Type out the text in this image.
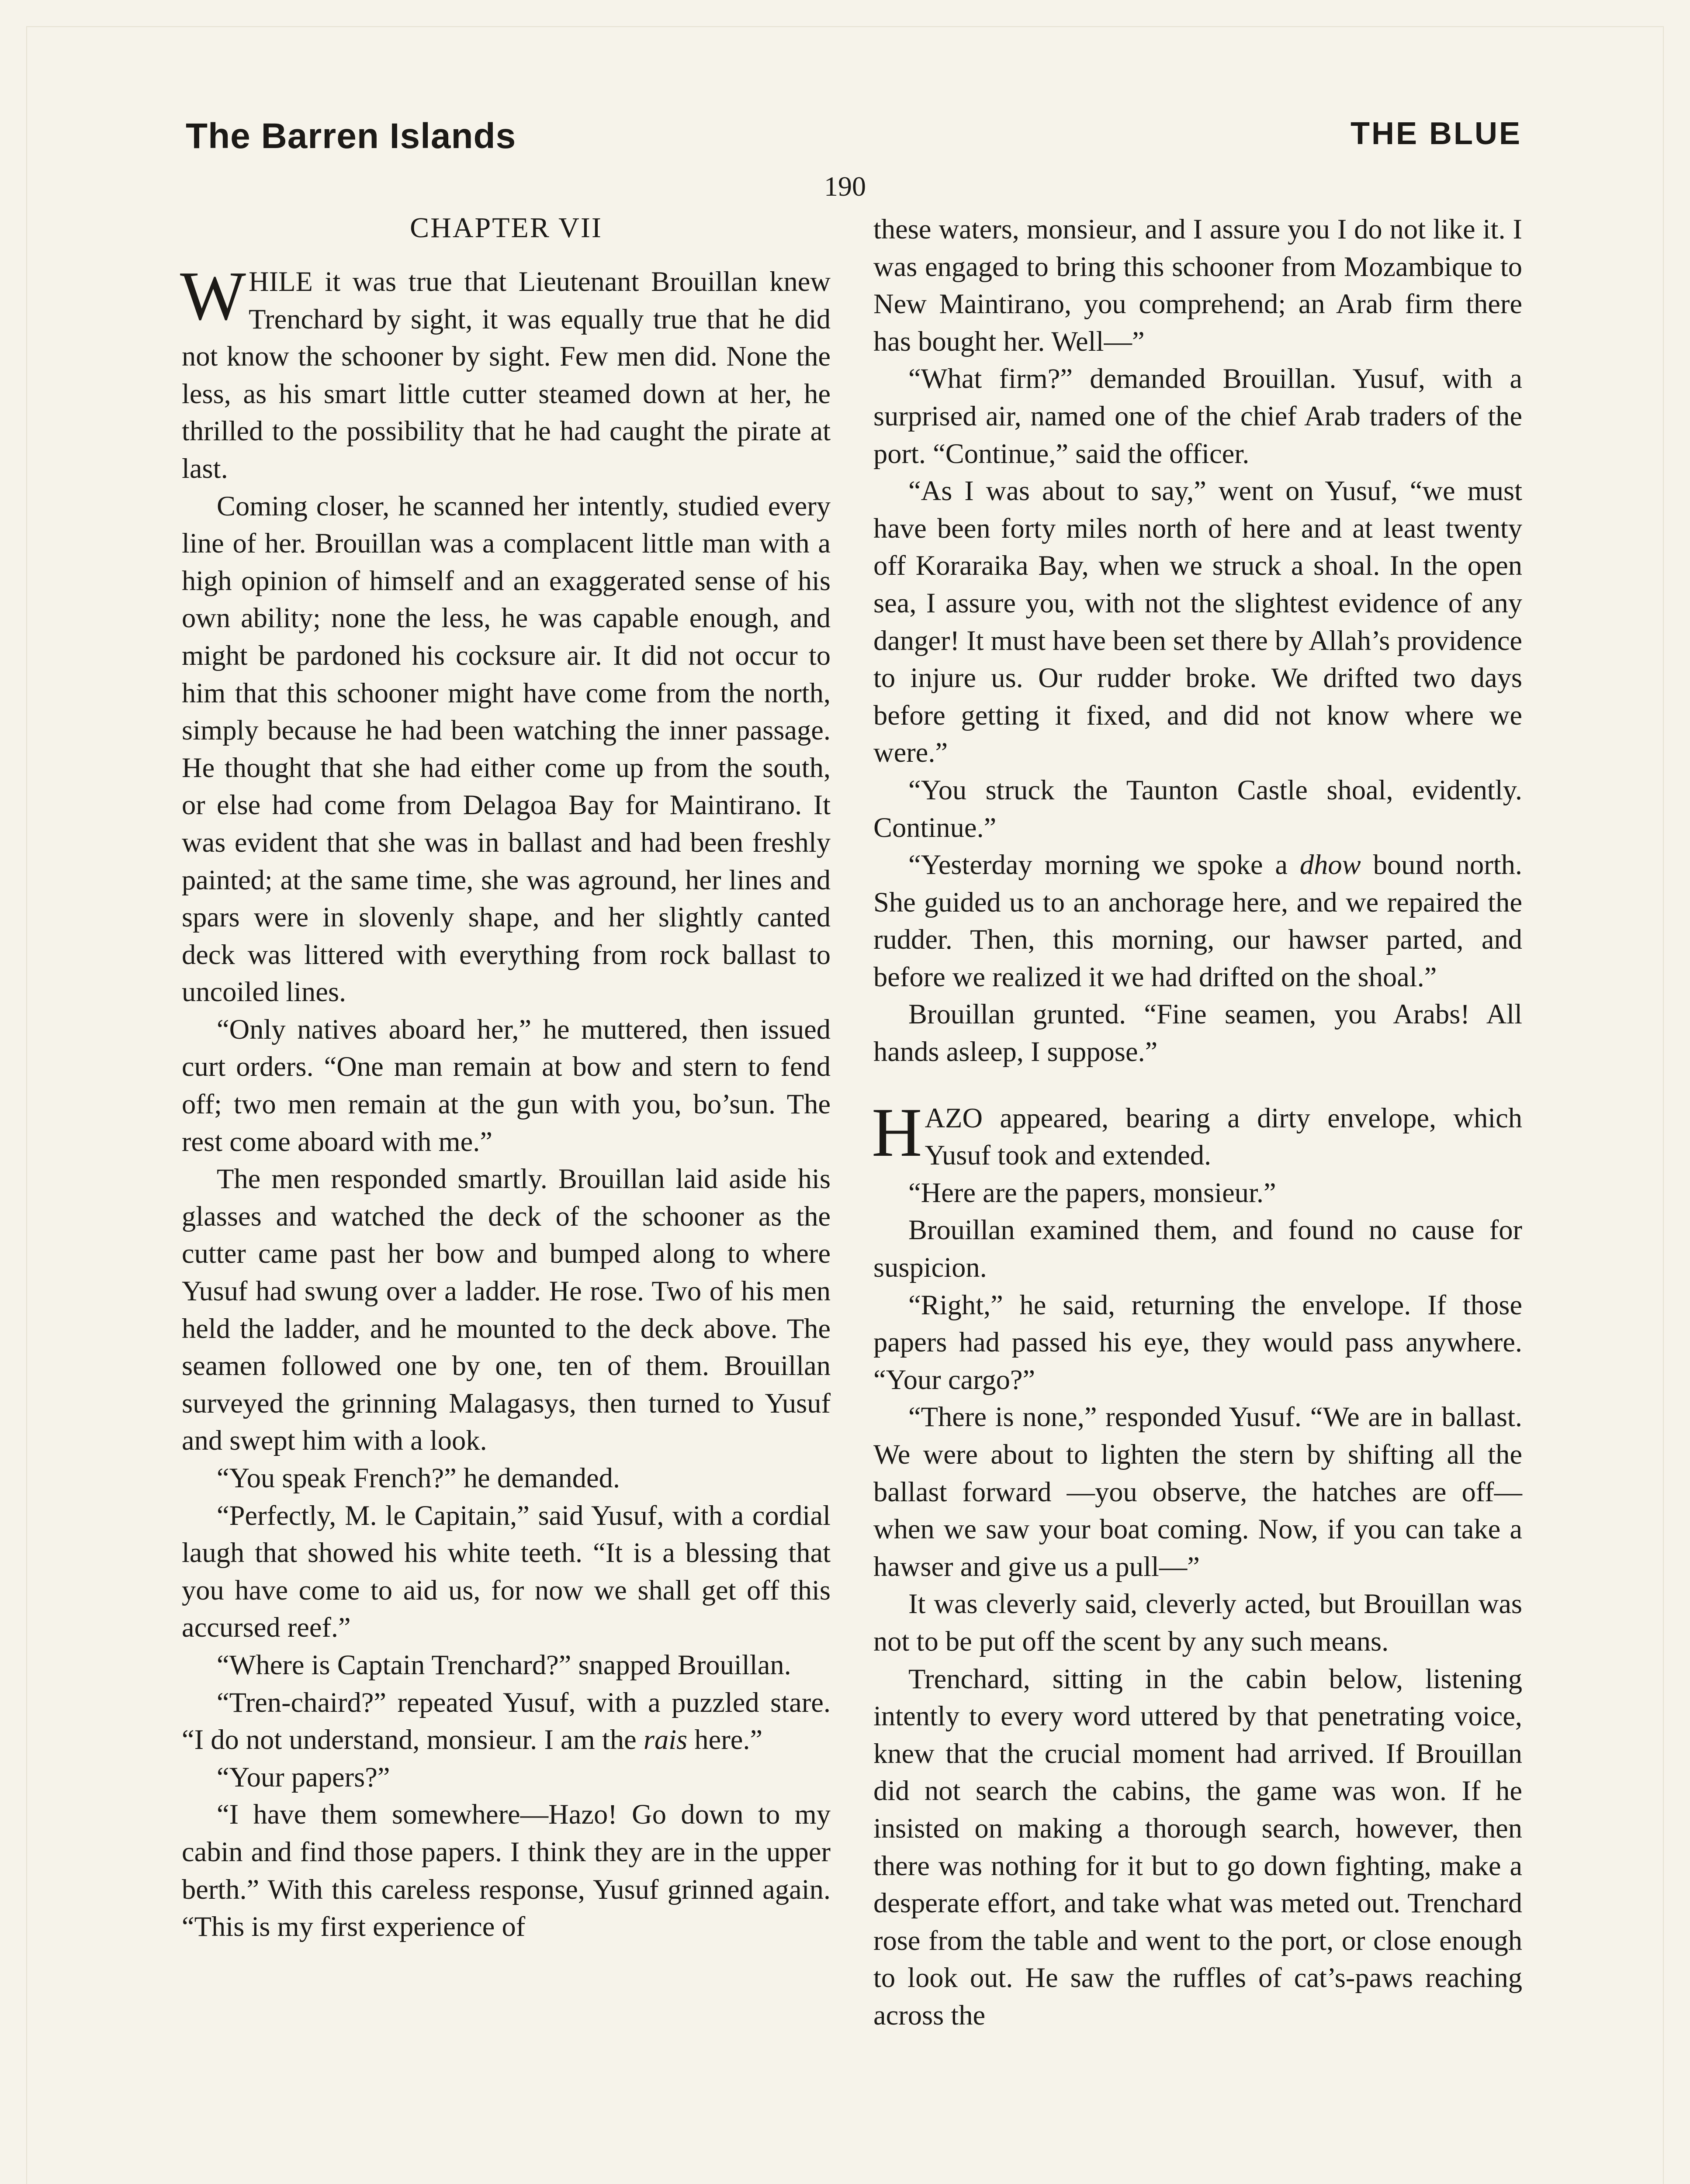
The Barren Islands	THE BLUE
190
CHAPTER VII

WHILE it was true that Lieutenant Brouillan knew Trenchard by sight, it was equally true that he did not know the schooner by sight. Few men did. None the less, as his smart little cutter steamed down at her, he thrilled to the possibility that he had caught the pirate at last.

Coming closer, he scanned her intently, studied every line of her. Brouillan was a complacent little man with a high opinion of himself and an exaggerated sense of his own ability; none the less, he was capable enough, and might be pardoned his cocksure air. It did not occur to him that this schooner might have come from the north, simply because he had been watching the inner passage. He thought that she had either come up from the south, or else had come from Delagoa Bay for Maintirano. It was evident that she was in ballast and had been freshly painted; at the same time, she was aground, her lines and spars were in slovenly shape, and her slightly canted deck was littered with everything from rock ballast to uncoiled lines.

“Only natives aboard her,” he muttered, then issued curt orders. “One man remain at bow and stern to fend off; two men remain at the gun with you, bo’sun. The rest come aboard with me.”

The men responded smartly. Brouillan laid aside his glasses and watched the deck of the schooner as the cutter came past her bow and bumped along to where Yusuf had swung over a ladder. He rose. Two of his men held the ladder, and he mounted to the deck above. The seamen followed one by one, ten of them. Brouillan surveyed the grinning Malagasys, then turned to Yusuf and swept him with a look.

“You speak French?” he demanded.

“Perfectly, M. le Capitain,” said Yusuf, with a cordial laugh that showed his white teeth. “It is a blessing that you have come to aid us, for now we shall get off this accursed reef.”

“Where is Captain Trenchard?” snapped Brouillan.

“Tren-chaird?” repeated Yusuf, with a puzzled stare. “I do not understand, monsieur. I am the rais here.”

“Your papers?”

“I have them somewhere—Hazo! Go down to my cabin and find those papers. I think they are in the upper berth.” With this careless response, Yusuf grinned again. “This is my first experience of

these waters, monsieur, and I assure you I do not like it. I was engaged to bring this schooner from Mozambique to New Maintirano, you comprehend; an Arab firm there has bought her. Well—”

“What firm?” demanded Brouillan. Yusuf, with a surprised air, named one of the chief Arab traders of the port. “Continue,” said the officer.

“As I was about to say,” went on Yusuf, “we must have been forty miles north of here and at least twenty off Koraraika Bay, when we struck a shoal. In the open sea, I assure you, with not the slightest evidence of any danger! It must have been set there by Allah’s providence to injure us. Our rudder broke. We drifted two days before getting it fixed, and did not know where we were.”

“You struck the Taunton Castle shoal, evidently. Continue.”

“Yesterday morning we spoke a dhow bound north. She guided us to an anchorage here, and we repaired the rudder. Then, this morning, our hawser parted, and before we realized it we had drifted on the shoal.”

Brouillan grunted. “Fine seamen, you Arabs! All hands asleep, I suppose.”

HAZO appeared, bearing a dirty envelope, which Yusuf took and extended.

“Here are the papers, monsieur.”

Brouillan examined them, and found no cause for suspicion.

“Right,” he said, returning the envelope. If those papers had passed his eye, they would pass anywhere. “Your cargo?”

“There is none,” responded Yusuf. “We are in ballast. We were about to lighten the stern by shifting all the ballast forward —you observe, the hatches are off—when we saw your boat coming. Now, if you can take a hawser and give us a pull—”

It was cleverly said, cleverly acted, but Brouillan was not to be put off the scent by any such means.

Trenchard, sitting in the cabin below, listening intently to every word uttered by that penetrating voice, knew that the crucial moment had arrived. If Brouillan did not search the cabins, the game was won. If he insisted on making a thorough search, however, then there was nothing for it but to go down fighting, make a desperate effort, and take what was meted out. Trenchard rose from the table and went to the port, or close enough to look out. He saw the ruffles of cat’s-paws reaching across the
